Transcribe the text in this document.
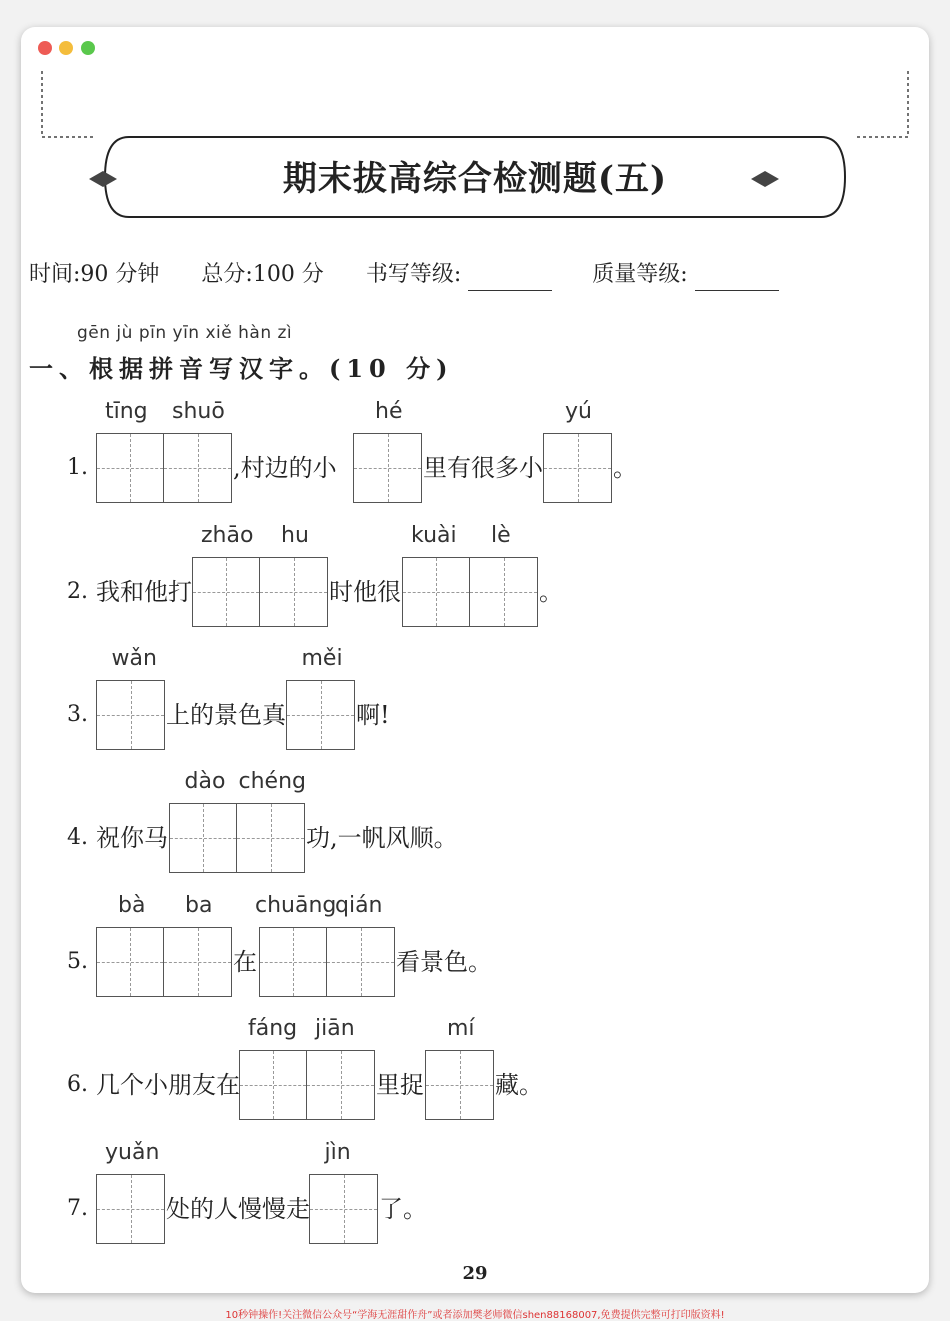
期末拔高综合检测题(五)
时间:90 分钟 总分:100 分 书写等级:	质量等级:
gēn jù pīn yīn xiě hàn zì
一、根据拼音写汉字。(10 分)
1.
tīng shuō
,村边的小
hé
里有很多小
yú
。
2. 我和他打
zhāo hu
时他很
kuài lè
。
3.
wǎn
上的景色真
měi
啊!
4. 祝你马
dào chéng
功,一帆风顺。
5.
bà ba
在
chuāng
qián
看景色。
6. 几个小朋友在
fáng jiān
里捉
mí
藏。
7.
yuǎn
处的人慢慢走
jìn
了。
29
10秒钟操作!关注微信公众号“学海无涯甜作舟”或者添加樊老师微信shen88168007,免费提供完整可打印版资料!
